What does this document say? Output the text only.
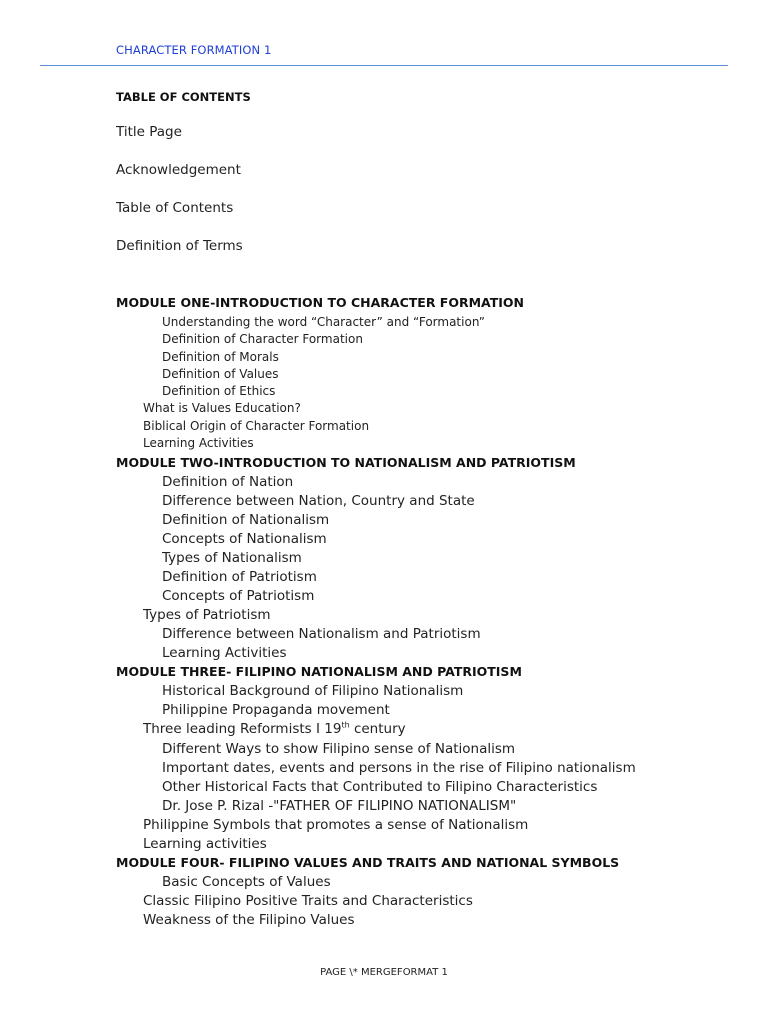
CHARACTER FORMATION 1
TABLE OF CONTENTS
Title Page
Acknowledgement
Table of Contents
Definition of Terms
MODULE ONE-INTRODUCTION TO CHARACTER FORMATION
Understanding the word “Character” and “Formation”
Definition of Character Formation
Definition of Morals
Definition of Values
Definition of Ethics
What is Values Education?
Biblical Origin of Character Formation
Learning Activities
MODULE TWO-INTRODUCTION TO NATIONALISM AND PATRIOTISM
Definition of Nation
Difference between Nation, Country and State
Definition of Nationalism
Concepts of Nationalism
Types of Nationalism
Definition of Patriotism
Concepts of Patriotism
Types of Patriotism
Difference between Nationalism and Patriotism
Learning Activities
MODULE THREE- FILIPINO NATIONALISM AND PATRIOTISM
Historical Background of Filipino Nationalism
Philippine Propaganda movement
Three leading Reformists I 19th century
Different Ways to show Filipino sense of Nationalism
Important dates, events and persons in the rise of Filipino nationalism
Other Historical Facts that Contributed to Filipino Characteristics
Dr. Jose P. Rizal -"FATHER OF FILIPINO NATIONALISM"
Philippine Symbols that promotes a sense of Nationalism
Learning activities
MODULE FOUR- FILIPINO VALUES AND TRAITS AND NATIONAL SYMBOLS
Basic Concepts of Values
Classic Filipino Positive Traits and Characteristics
Weakness of the Filipino Values
PAGE \* MERGEFORMAT 1
